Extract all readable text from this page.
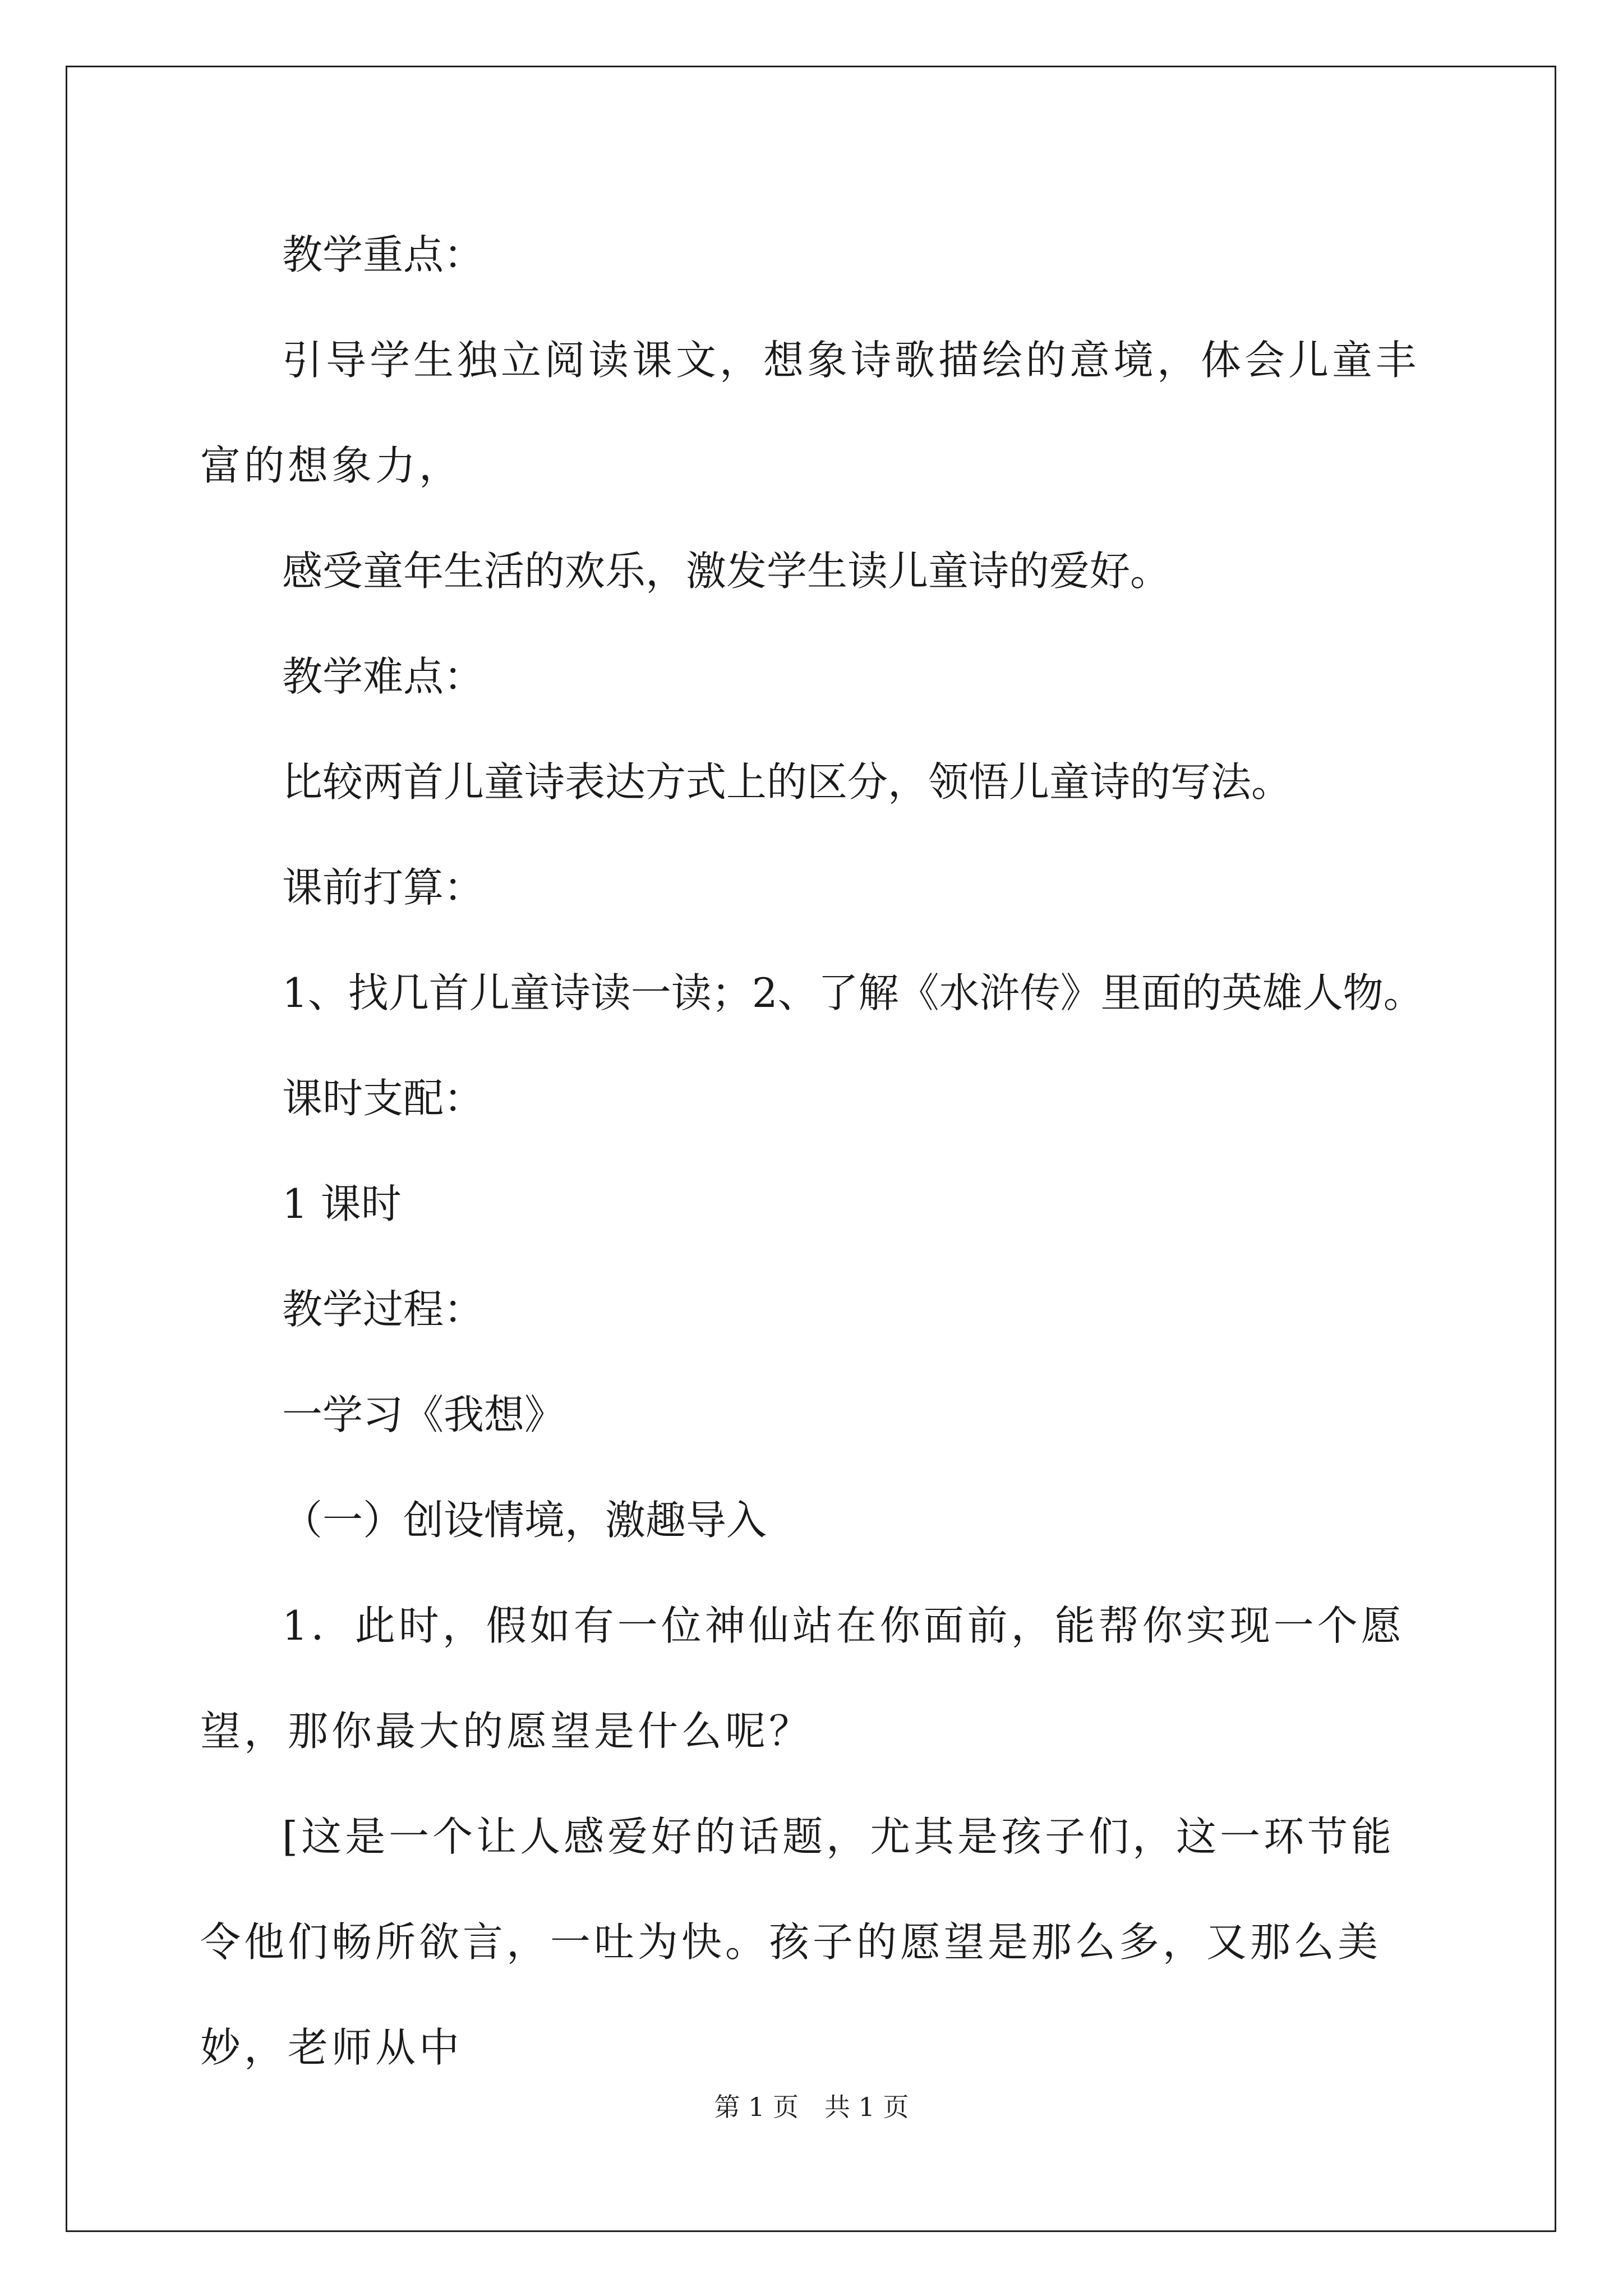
教学重点：

引导学生独立阅读课文，想象诗歌描绘的意境，体会儿童丰富的想象力，

感受童年生活的欢乐，激发学生读儿童诗的爱好。

教学难点：

比较两首儿童诗表达方式上的区分，领悟儿童诗的写法。

课前打算：

1、找几首儿童诗读一读；2、了解《水浒传》里面的英雄人物。

课时支配：

1 课时

教学过程：

一学习《我想》

（一）创设情境，激趣导入

1．此时，假如有一位神仙站在你面前，能帮你实现一个愿望，那你最大的愿望是什么呢？

[这是一个让人感爱好的话题，尤其是孩子们，这一环节能令他们畅所欲言，一吐为快。孩子的愿望是那么多，又那么美妙，老师从中

第 1 页　共 1 页
